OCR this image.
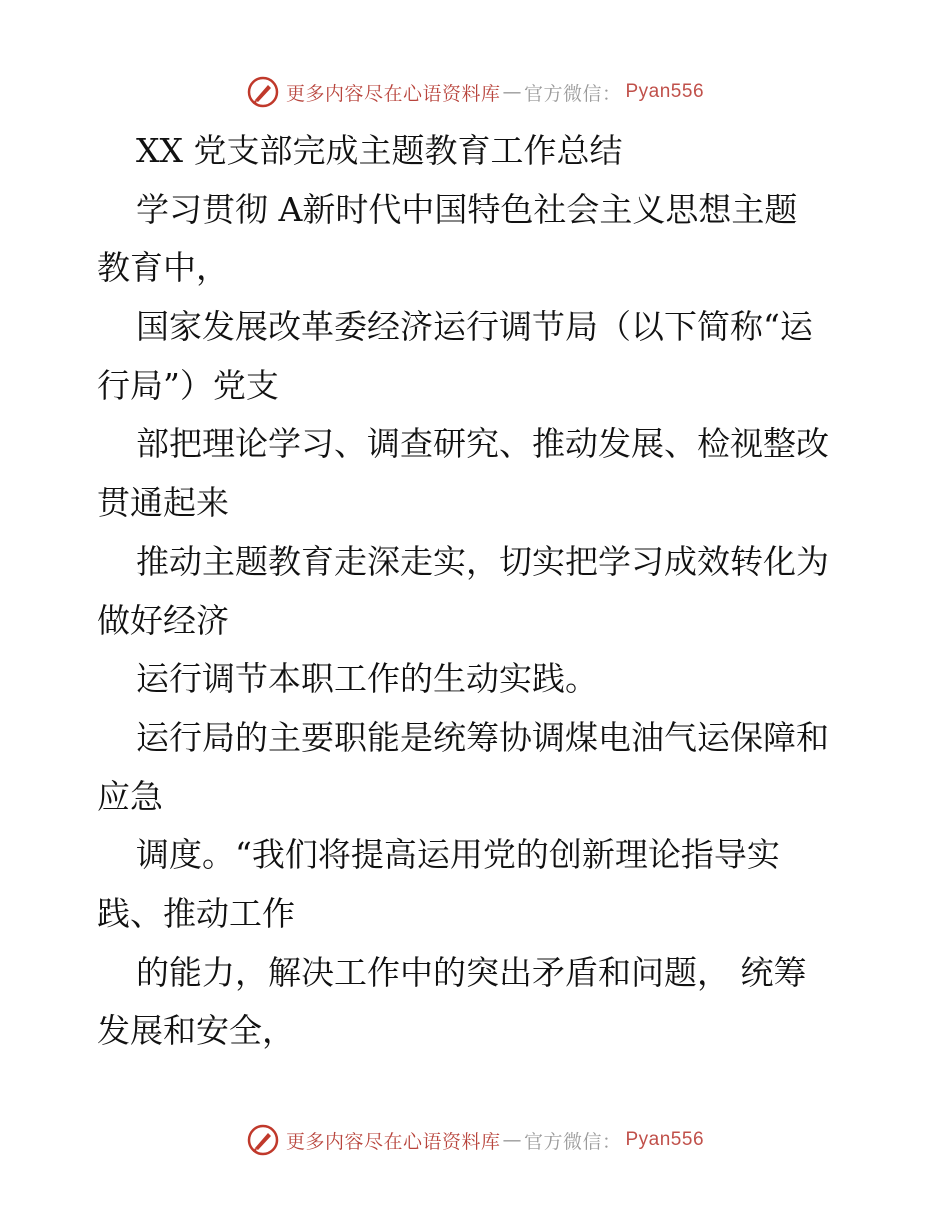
更多内容尽在心语资料库 — 官方微信： Pyan556
XX 党支部完成主题教育工作总结
学习贯彻 A新时代中国特色社会主义思想主题
教育中，
国家发展改革委经济运行调节局（以下简称“运
行局”）党支
部把理论学习、调查研究、推动发展、检视整改
贯通起来
推动主题教育走深走实，切实把学习成效转化为
做好经济
运行调节本职工作的生动实践。
运行局的主要职能是统筹协调煤电油气运保障和
应急
调度。“我们将提高运用党的创新理论指导实
践、推动工作
的能力，解决工作中的突出矛盾和问题， 统筹
发展和安全，
更多内容尽在心语资料库 — 官方微信： Pyan556
